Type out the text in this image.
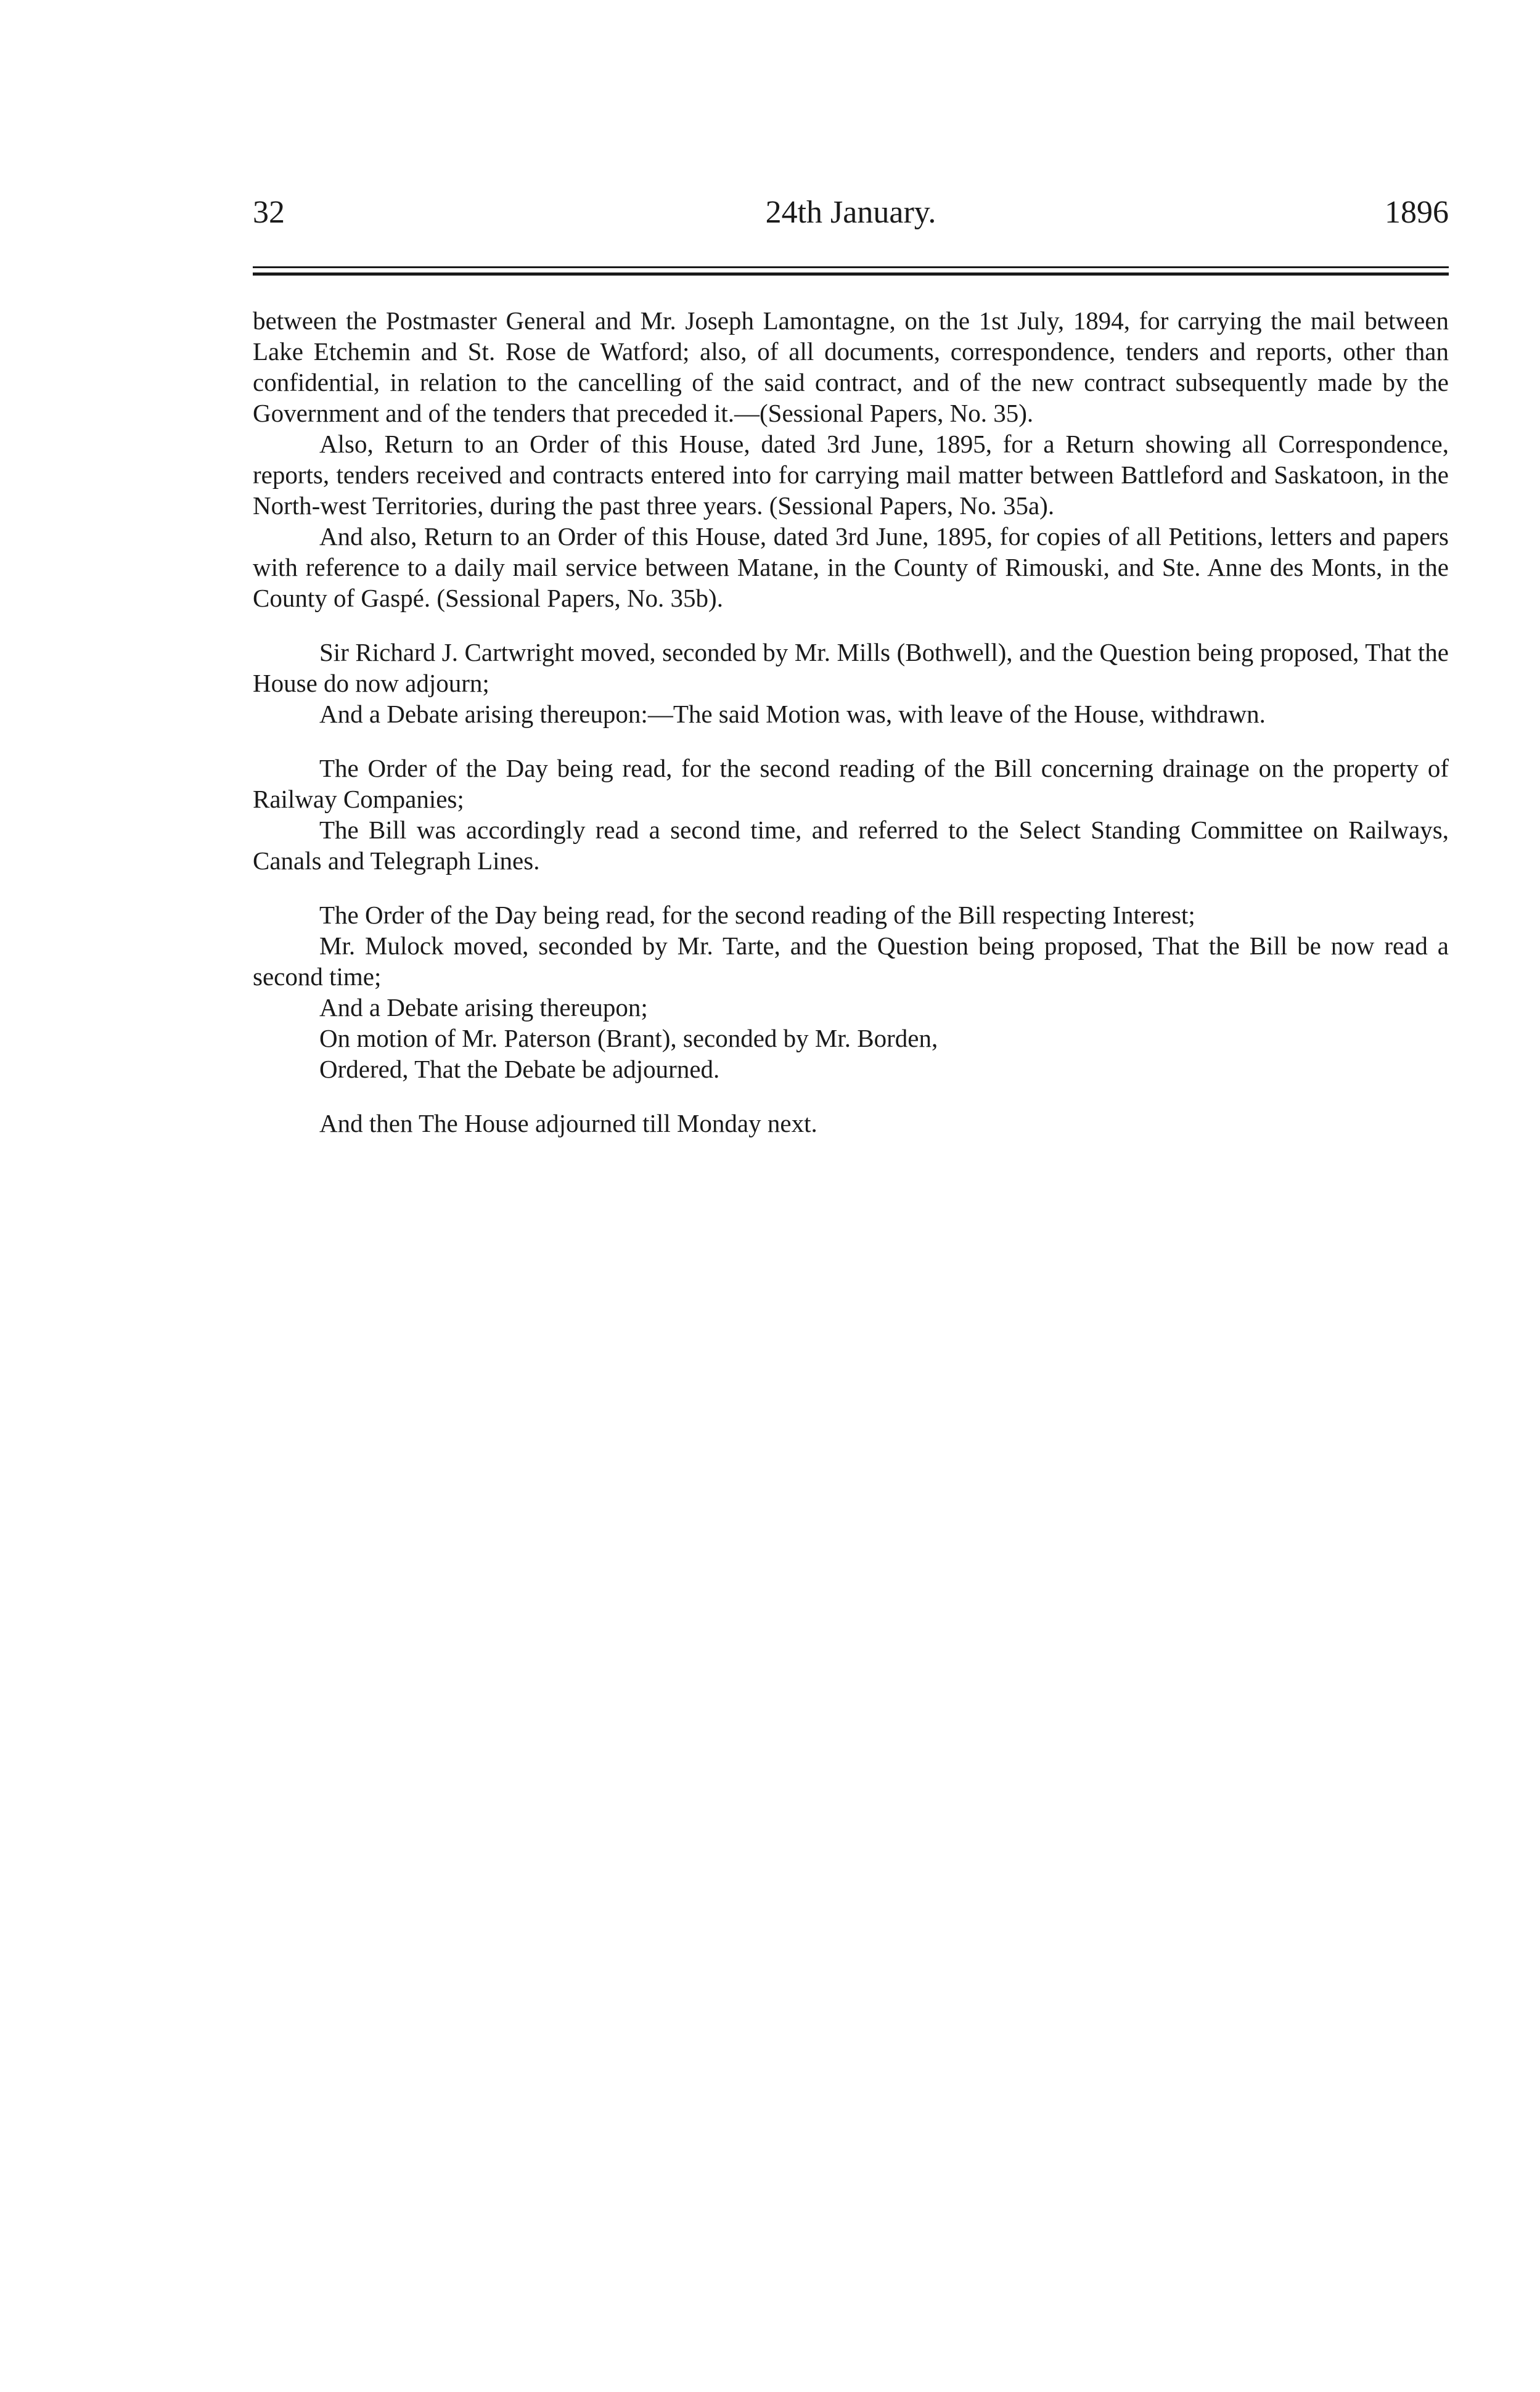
32	24th January.	1896

between the Postmaster General and Mr. Joseph Lamontagne, on the 1st July, 1894, for carrying the mail between Lake Etchemin and St. Rose de Watford; also, of all documents, correspondence, tenders and reports, other than confidential, in relation to the cancelling of the said contract, and of the new contract subsequently made by the Government and of the tenders that preceded it.—(Sessional Papers, No. 35).

Also, Return to an Order of this House, dated 3rd June, 1895, for a Return showing all Correspondence, reports, tenders received and contracts entered into for carrying mail matter between Battleford and Saskatoon, in the North-west Territories, during the past three years. (Sessional Papers, No. 35a).

And also, Return to an Order of this House, dated 3rd June, 1895, for copies of all Petitions, letters and papers with reference to a daily mail service between Matane, in the County of Rimouski, and Ste. Anne des Monts, in the County of Gaspé. (Sessional Papers, No. 35b).

Sir Richard J. Cartwright moved, seconded by Mr. Mills (Bothwell), and the Question being proposed, That the House do now adjourn;

And a Debate arising thereupon:—The said Motion was, with leave of the House, withdrawn.

The Order of the Day being read, for the second reading of the Bill concerning drainage on the property of Railway Companies;

The Bill was accordingly read a second time, and referred to the Select Standing Committee on Railways, Canals and Telegraph Lines.

The Order of the Day being read, for the second reading of the Bill respecting Interest;

Mr. Mulock moved, seconded by Mr. Tarte, and the Question being proposed, That the Bill be now read a second time;

And a Debate arising thereupon;

On motion of Mr. Paterson (Brant), seconded by Mr. Borden,

Ordered, That the Debate be adjourned.

And then The House adjourned till Monday next.
